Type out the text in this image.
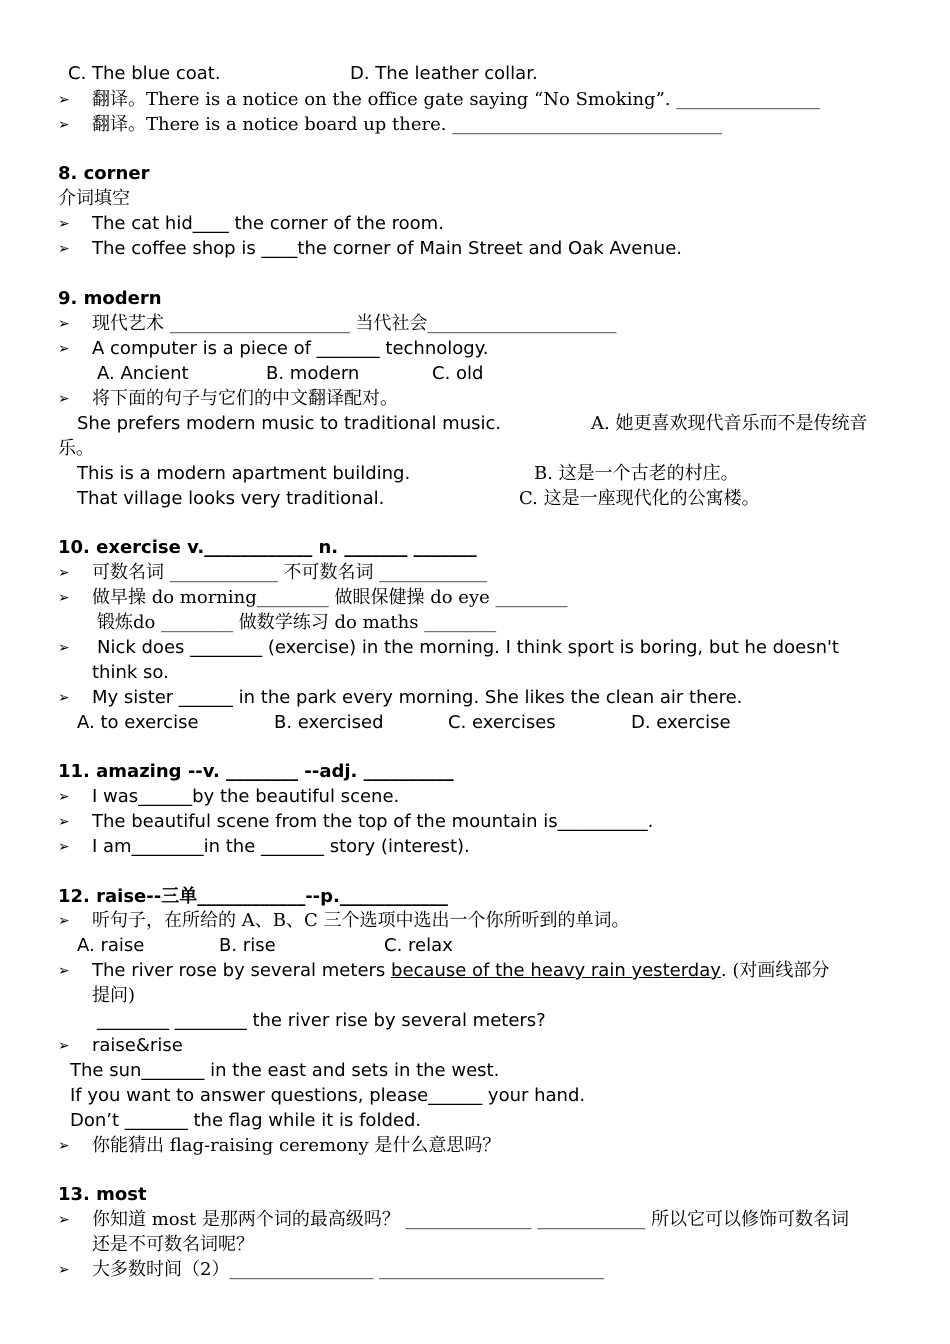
C. The blue coat.	D. The leather collar.
➢ 翻译。There is a notice on the office gate saying “No Smoking”. ________________
➢ 翻译。There is a notice board up there. ______________________________
8. corner
介词填空
➢ The cat hid____ the corner of the room.
➢ The coffee shop is ____the corner of Main Street and Oak Avenue.
9. modern
➢ 现代艺术 ____________________ 当代社会_____________________
➢ A computer is a piece of _______ technology.
A. Ancient	B. modern	C. old
➢ 将下面的句子与它们的中文翻译配对。
She prefers modern music to traditional music.	A. 她更喜欢现代音乐而不是传统音
乐。
This is a modern apartment building.	B. 这是一个古老的村庄。
That village looks very traditional.	C. 这是一座现代化的公寓楼。
10. exercise v.____________ n. _______ _______
➢ 可数名词 ____________ 不可数名词 ____________
➢ 做早操 do morning________ 做眼保健操 do eye ________
锻炼do ________ 做数学练习 do maths ________
➢ Nick does ________ (exercise) in the morning. I think sport is boring, but he doesn't
think so.
➢ My sister ______ in the park every morning. She likes the clean air there.
A. to exercise	B. exercised	C. exercises	D. exercise
11. amazing --v. ________ --adj. __________
➢ I was______by the beautiful scene.
➢ The beautiful scene from the top of the mountain is__________.
➢ I am________in the _______ story (interest).
12. raise--三单____________--p.____________
➢ 听句子，在所给的 A、B、C 三个选项中选出一个你所听到的单词。
A. raise	B. rise	C. relax
➢ The river rose by several meters because of the heavy rain yesterday. (对画线部分
提问)
________ ________ the river rise by several meters?
➢ raise&rise
The sun_______ in the east and sets in the west.
If you want to answer questions, please______ your hand.
Don’t _______ the flag while it is folded.
➢ 你能猜出 flag-raising ceremony 是什么意思吗？
13. most
➢ 你知道 most 是那两个词的最高级吗？ ______________ ____________ 所以它可以修饰可数名词
还是不可数名词呢？
➢ 大多数时间（2）________________ _________________________
